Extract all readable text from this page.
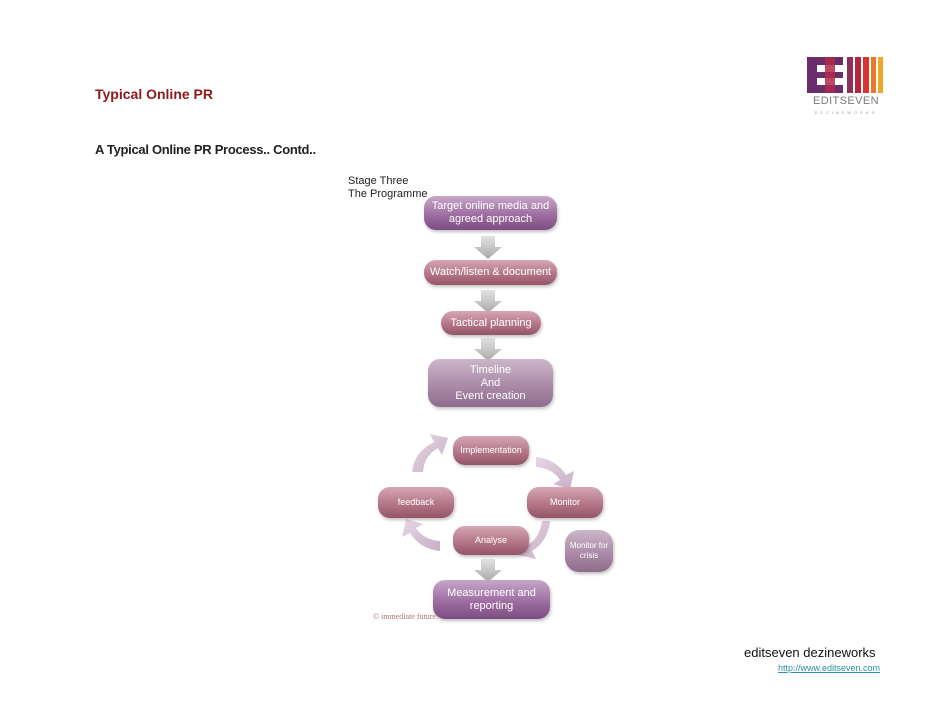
Typical Online PR
A Typical Online PR Process.. Contd..
EDITSEVEN
DEZINEWORKS
Stage Three
The Programme
Target online media and agreed approach
Watch/listen & document
Tactical planning
Timeline
And
Event creation
Implementation
feedback	Monitor
Analyse
Monitor for crisis
Measurement and reporting
© immediate future.
editseven dezineworks
http://www.editseven.com
